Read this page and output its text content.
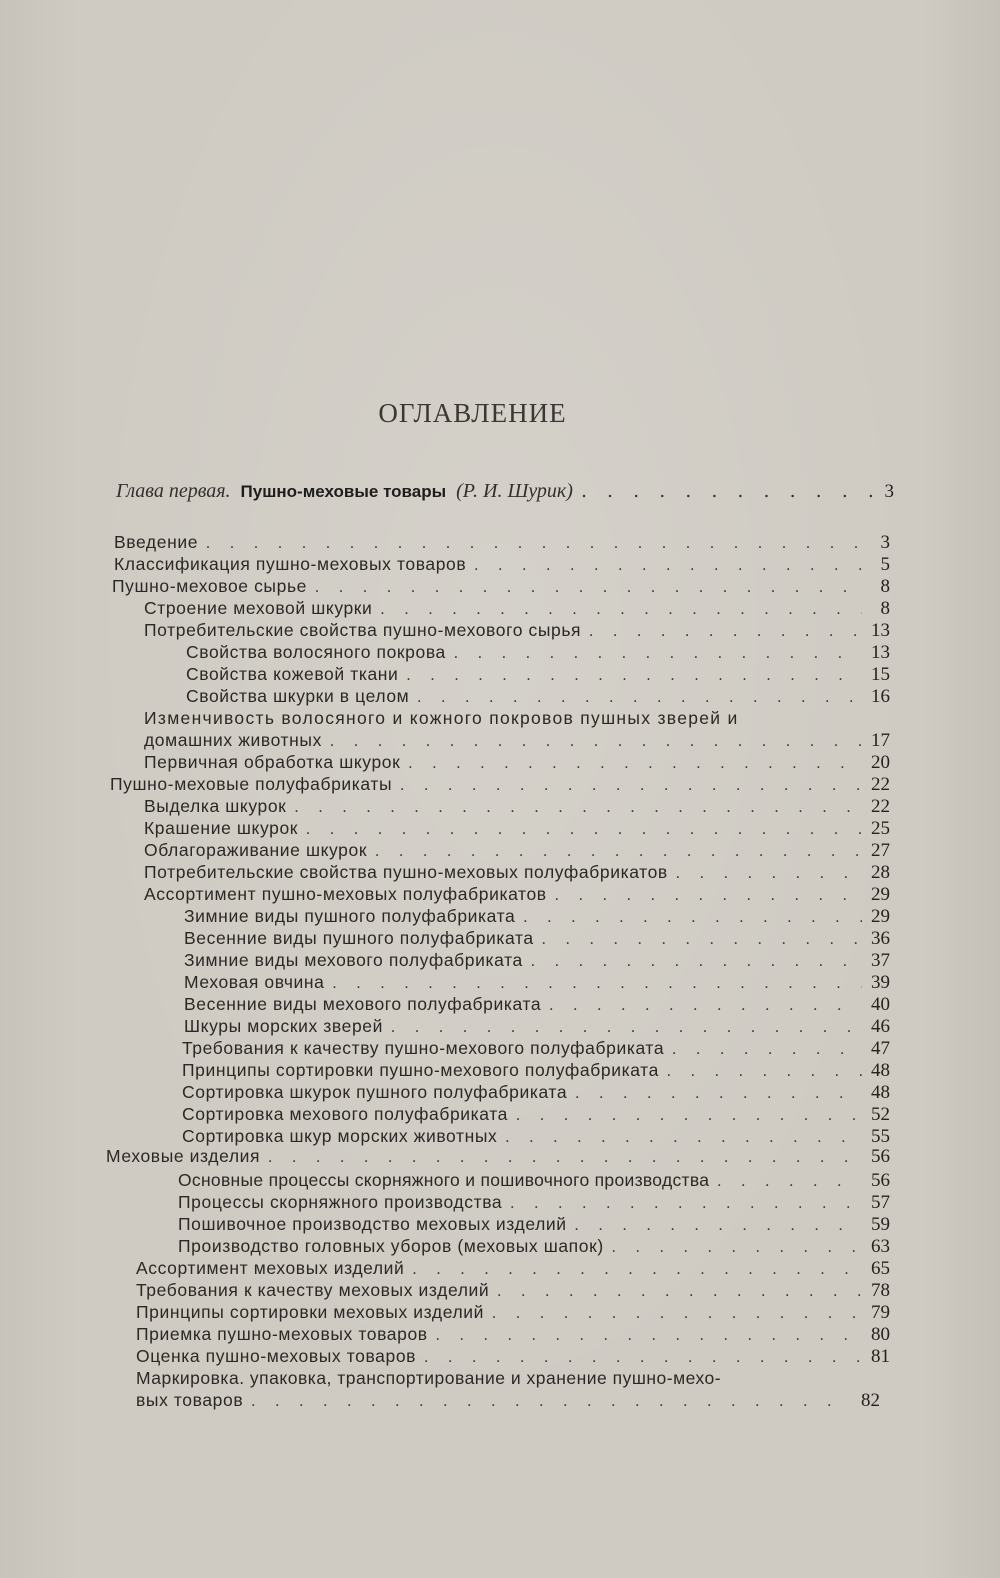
ОГЛАВЛЕНИЕ
Глава первая. Пушно-меховые товары (Р. И. Шурик) . . .	3
Введение . . .	3
Классификация пушно-меховых товаров . . .	5
Пушно-меховое сырье . . .	8
Строение меховой шкурки . . .	8
Потребительские свойства пушно-мехового сырья . . .	13
Свойства волосяного покрова . . .	13
Свойства кожевой ткани . . .	15
Свойства шкурки в целом . . .	16
Изменчивость волосяного и кожного покровов пушных зверей и
домашних животных . . .	17
Первичная обработка шкурок . . .	20
Пушно-меховые полуфабрикаты . . .	22
Выделка шкурок . . .	22
Крашение шкурок . . .	25
Облагораживание шкурок . . .	27
Потребительские свойства пушно-меховых полуфабрикатов . . .	28
Ассортимент пушно-меховых полуфабрикатов . . .	29
Зимние виды пушного полуфабриката . . .	29
Весенние виды пушного полуфабриката . . .	36
Зимние виды мехового полуфабриката . . .	37
Меховая овчина . . .	39
Весенние виды мехового полуфабриката . . .	40
Шкуры морских зверей . . .	46
Требования к качеству пушно-мехового полуфабриката . . .	47
Принципы сортировки пушно-мехового полуфабриката . . .	48
Сортировка шкурок пушного полуфабриката . . .	48
Сортировка мехового полуфабриката . . .	52
Сортировка шкур морских животных . . .	55
Меховые изделия . . .	56
Основные процессы скорняжного и пошивочного производства . . .	56
Процессы скорняжного производства . . .	57
Пошивочное производство меховых изделий . . .	59
Производство головных уборов (меховых шапок) . . .	63
Ассортимент меховых изделий . . .	65
Требования к качеству меховых изделий . . .	78
Принципы сортировки меховых изделий . . .	79
Приемка пушно-меховых товаров . . .	80
Оценка пушно-меховых товаров . . .	81
Маркировка. упаковка, транспортирование и хранение пушно-мехо-
вых товаров . . .	82
